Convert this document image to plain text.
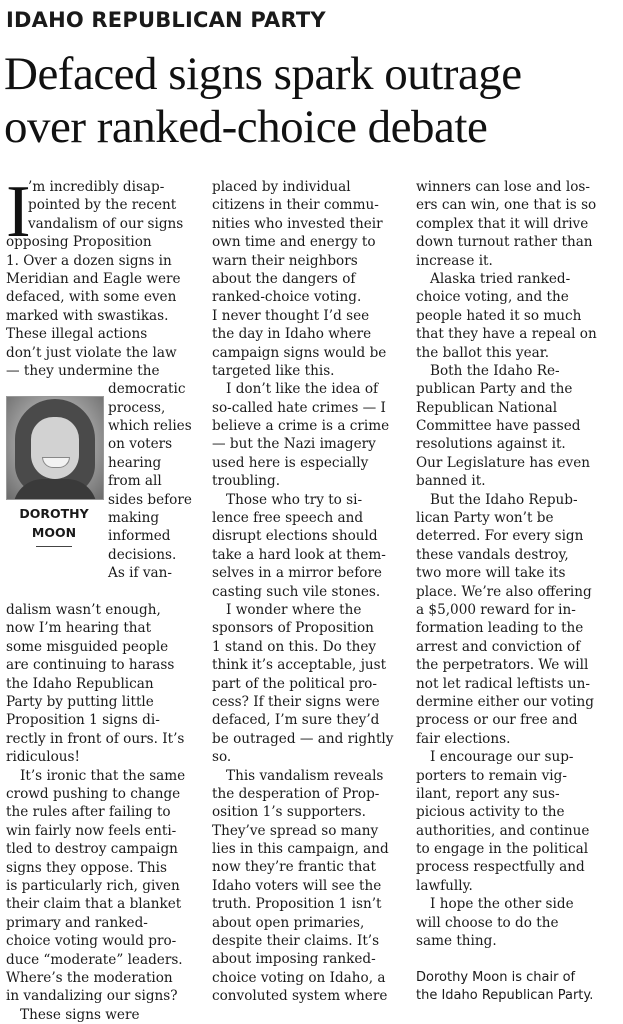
IDAHO REPUBLICAN PARTY
Defaced signs spark outrage
over ranked-choice debate
I
’m incredibly disap-
pointed by the recent
vandalism of our signs
opposing Proposition
1. Over a dozen signs in
Meridian and Eagle were
defaced, with some even
marked with swastikas.
These illegal actions
don’t just violate the law
— they undermine the
DOROTHY
MOON
democratic
process,
which relies
on voters
hearing
from all
sides before
making
informed
decisions.
As if van-
dalism wasn’t enough,
now I’m hearing that
some misguided people
are continuing to harass
the Idaho Republican
Party by putting little
Proposition 1 signs di-
rectly in front of ours. It’s
ridiculous!
It’s ironic that the same
crowd pushing to change
the rules after failing to
win fairly now feels enti-
tled to destroy campaign
signs they oppose. This
is particularly rich, given
their claim that a blanket
primary and ranked-
choice voting would pro-
duce “moderate” leaders.
Where’s the moderation
in vandalizing our signs?
These signs were
placed by individual
citizens in their commu-
nities who invested their
own time and energy to
warn their neighbors
about the dangers of
ranked-choice voting.
I never thought I’d see
the day in Idaho where
campaign signs would be
targeted like this.
I don’t like the idea of
so-called hate crimes — I
believe a crime is a crime
— but the Nazi imagery
used here is especially
troubling.
Those who try to si-
lence free speech and
disrupt elections should
take a hard look at them-
selves in a mirror before
casting such vile stones.
I wonder where the
sponsors of Proposition
1 stand on this. Do they
think it’s acceptable, just
part of the political pro-
cess? If their signs were
defaced, I’m sure they’d
be outraged — and rightly
so.
This vandalism reveals
the desperation of Prop-
osition 1’s supporters.
They’ve spread so many
lies in this campaign, and
now they’re frantic that
Idaho voters will see the
truth. Proposition 1 isn’t
about open primaries,
despite their claims. It’s
about imposing ranked-
choice voting on Idaho, a
convoluted system where
winners can lose and los-
ers can win, one that is so
complex that it will drive
down turnout rather than
increase it.
Alaska tried ranked-
choice voting, and the
people hated it so much
that they have a repeal on
the ballot this year.
Both the Idaho Re-
publican Party and the
Republican National
Committee have passed
resolutions against it.
Our Legislature has even
banned it.
But the Idaho Repub-
lican Party won’t be
deterred. For every sign
these vandals destroy,
two more will take its
place. We’re also offering
a $5,000 reward for in-
formation leading to the
arrest and conviction of
the perpetrators. We will
not let radical leftists un-
dermine either our voting
process or our free and
fair elections.
I encourage our sup-
porters to remain vig-
ilant, report any sus-
picious activity to the
authorities, and continue
to engage in the political
process respectfully and
lawfully.
I hope the other side
will choose to do the
same thing.
Dorothy Moon is chair of
the Idaho Republican Party.
